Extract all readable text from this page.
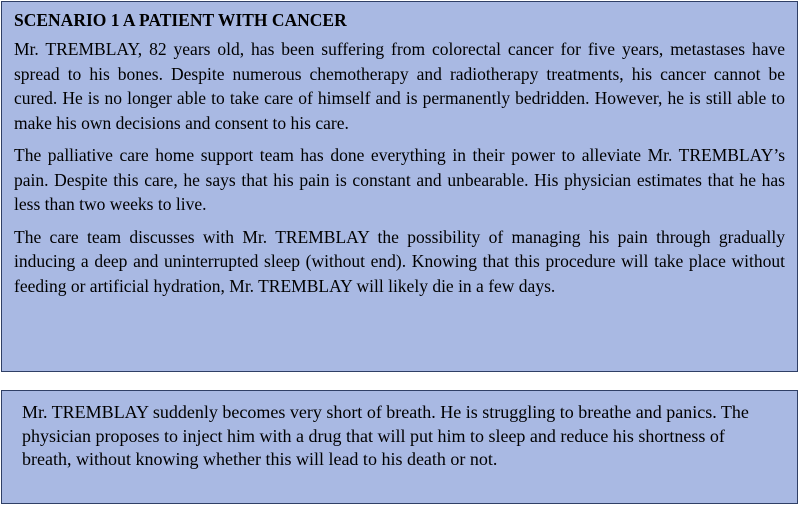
SCENARIO 1 A PATIENT WITH CANCER

Mr. TREMBLAY, 82 years old, has been suffering from colorectal cancer for five years, metastases have spread to his bones. Despite numerous chemotherapy and radiotherapy treatments, his cancer cannot be cured. He is no longer able to take care of himself and is permanently bedridden. However, he is still able to make his own decisions and consent to his care.

The palliative care home support team has done everything in their power to alleviate Mr. TREMBLAY’s pain. Despite this care, he says that his pain is constant and unbearable. His physician estimates that he has less than two weeks to live.

The care team discusses with Mr. TREMBLAY the possibility of managing his pain through gradually inducing a deep and uninterrupted sleep (without end). Knowing that this procedure will take place without feeding or artificial hydration, Mr. TREMBLAY will likely die in a few days.

Mr. TREMBLAY suddenly becomes very short of breath. He is struggling to breathe and panics. The physician proposes to inject him with a drug that will put him to sleep and reduce his shortness of breath, without knowing whether this will lead to his death or not.
